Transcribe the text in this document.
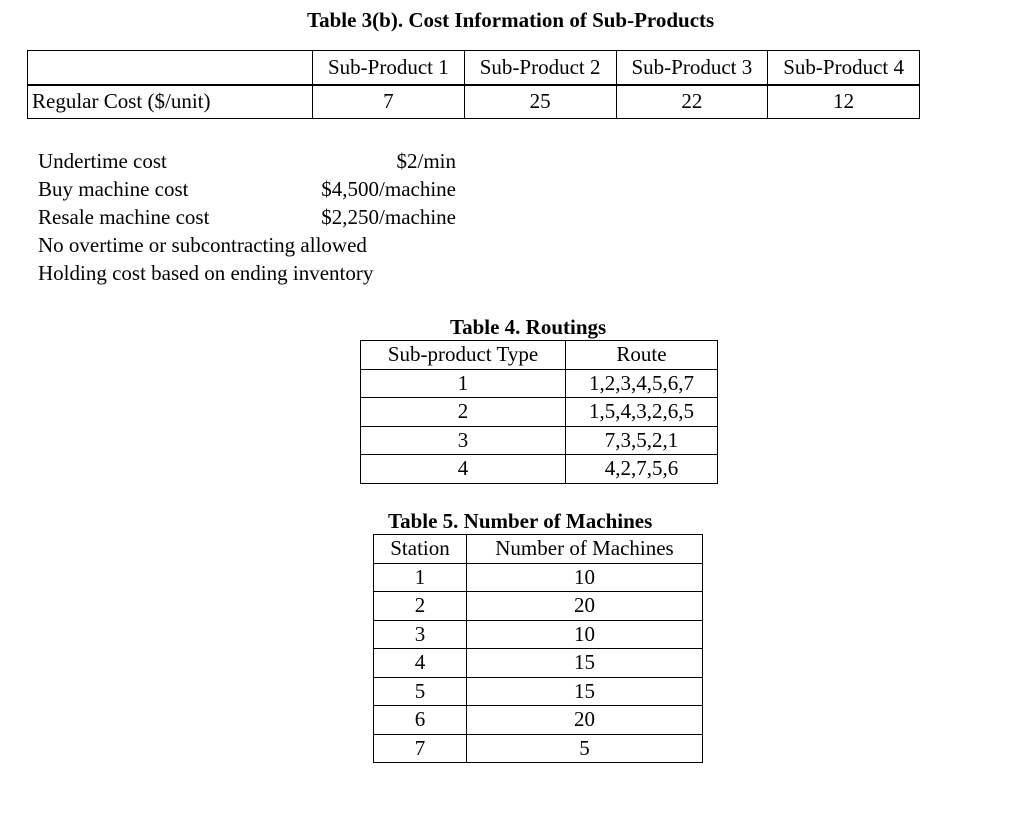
Table 3(b). Cost Information of Sub-Products
	Sub-Product 1	Sub-Product 2	Sub-Product 3	Sub-Product 4
Regular Cost ($/unit)	7	25	22	12
Undertime cost	$2/min
Buy machine cost	$4,500/machine
Resale machine cost	$2,250/machine
No overtime or subcontracting allowed
Holding cost based on ending inventory
Table 4. Routings
Sub-product Type	Route
1	1,2,3,4,5,6,7
2	1,5,4,3,2,6,5
3	7,3,5,2,1
4	4,2,7,5,6
Table 5. Number of Machines
Station	Number of Machines
1	10
2	20
3	10
4	15
5	15
6	20
7	5
